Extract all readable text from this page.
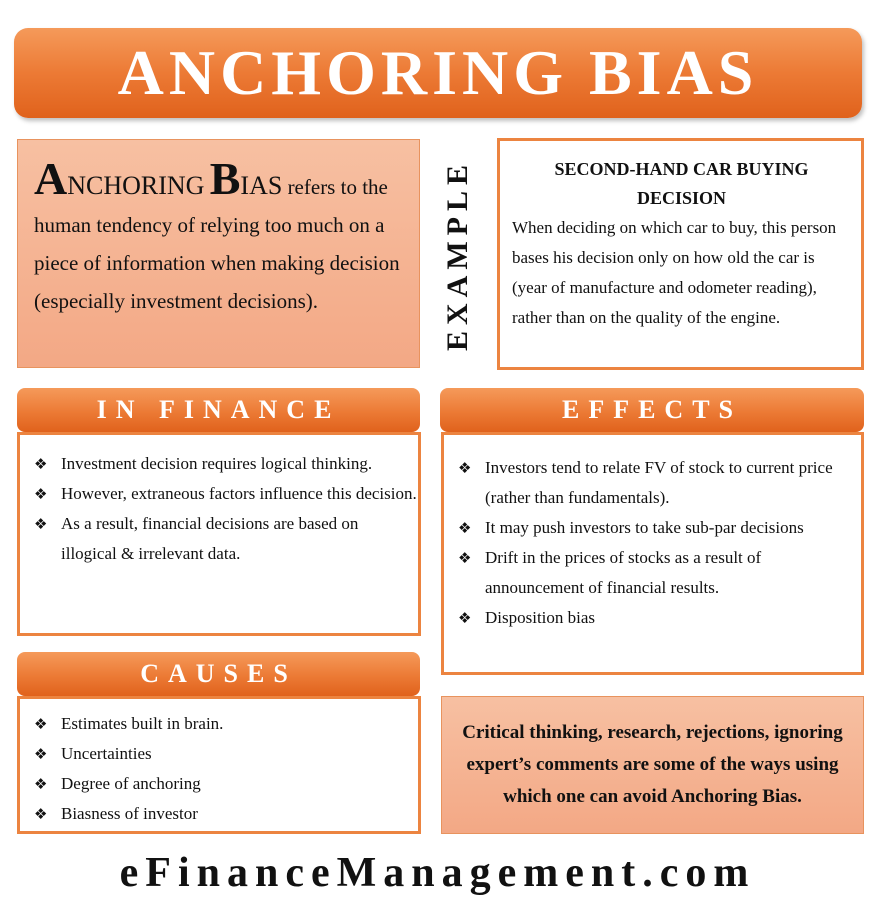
ANCHORING BIAS
ANCHORING BIAS refers to the human tendency of relying too much on a piece of information when making decision (especially investment decisions).	EXAMPLE	SECOND-HAND CAR BUYING
DECISION
When deciding on which car to buy, this person bases his decision only on how old the car is (year of manufacture and odometer reading), rather than on the quality of the engine.
IN FINANCE
❖ Investment decision requires logical thinking.
❖ However, extraneous factors influence this decision.
❖ As a result, financial decisions are based on illogical & irrelevant data.
EFFECTS
❖ Investors tend to relate FV of stock to current price (rather than fundamentals).
❖ It may push investors to take sub-par decisions
❖ Drift in the prices of stocks as a result of announcement of financial results.
❖ Disposition bias
CAUSES
❖ Estimates built in brain.
❖ Uncertainties
❖ Degree of anchoring
❖ Biasness of investor
Critical thinking, research, rejections, ignoring expert’s comments are some of the ways using which one can avoid Anchoring Bias.
eFinanceManagement.com
